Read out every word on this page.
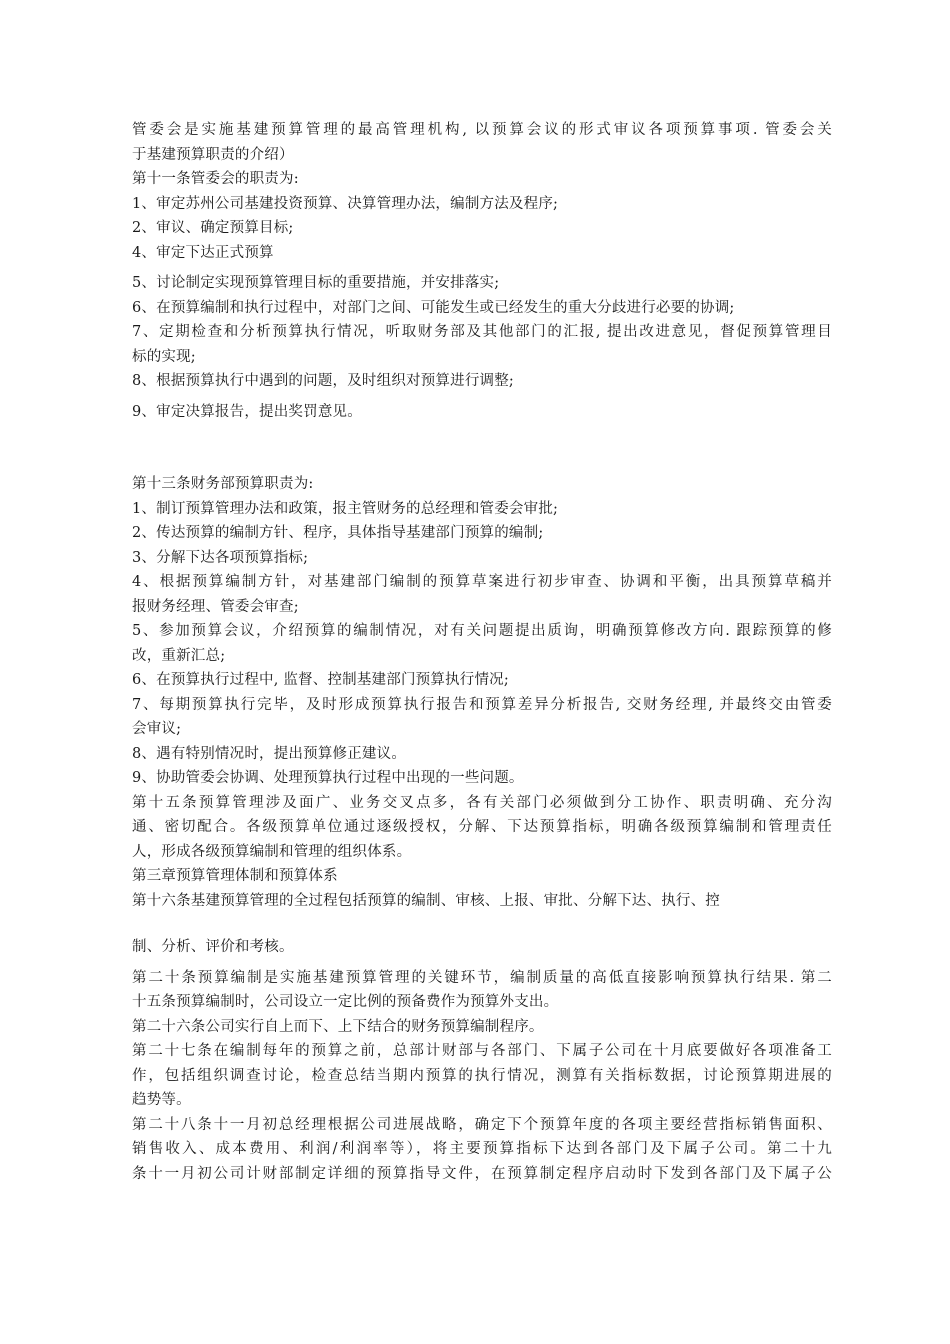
管委会是实施基建预算管理的最高管理机构, 以预算会议的形式审议各项预算事项. 管委会关
于基建预算职责的介绍）
第十一条管委会的职责为:
1、审定苏州公司基建投资预算、决算管理办法，编制方法及程序;
2、审议、确定预算目标;
4、审定下达正式预算
5、讨论制定实现预算管理目标的重要措施，并安排落实;
6、在预算编制和执行过程中，对部门之间、可能发生或已经发生的重大分歧进行必要的协调;
7、定期检查和分析预算执行情况，听取财务部及其他部门的汇报, 提出改进意见，督促预算管理目
标的实现;
8、根据预算执行中遇到的问题，及时组织对预算进行调整;
9、审定决算报告，提出奖罚意见。
第十三条财务部预算职责为:
1、制订预算管理办法和政策，报主管财务的总经理和管委会审批;
2、传达预算的编制方针、程序，具体指导基建部门预算的编制;
3、分解下达各项预算指标;
4、根据预算编制方针，对基建部门编制的预算草案进行初步审查、协调和平衡，出具预算草稿并
报财务经理、管委会审查;
5、参加预算会议，介绍预算的编制情况，对有关问题提出质询，明确预算修改方向. 跟踪预算的修
改，重新汇总;
6、在预算执行过程中, 监督、控制基建部门预算执行情况;
7、每期预算执行完毕，及时形成预算执行报告和预算差异分析报告, 交财务经理, 并最终交由管委
会审议;
8、遇有特别情况时，提出预算修正建议。
9、协助管委会协调、处理预算执行过程中出现的一些问题。
第十五条预算管理涉及面广、业务交叉点多，各有关部门必须做到分工协作、职责明确、充分沟
通、密切配合。各级预算单位通过逐级授权，分解、下达预算指标，明确各级预算编制和管理责任
人，形成各级预算编制和管理的组织体系。
第三章预算管理体制和预算体系
第十六条基建预算管理的全过程包括预算的编制、审核、上报、审批、分解下达、执行、控
制、分析、评价和考核。
第二十条预算编制是实施基建预算管理的关键环节，编制质量的高低直接影响预算执行结果. 第二
十五条预算编制时，公司设立一定比例的预备费作为预算外支出。
第二十六条公司实行自上而下、上下结合的财务预算编制程序。
第二十七条在编制每年的预算之前，总部计财部与各部门、下属子公司在十月底要做好各项准备工
作，包括组织调查讨论，检查总结当期内预算的执行情况，测算有关指标数据，讨论预算期进展的
趋势等。
第二十八条十一月初总经理根据公司进展战略，确定下个预算年度的各项主要经营指标销售面积、
销售收入、成本费用、利润/利润率等），将主要预算指标下达到各部门及下属子公司。第二十九
条十一月初公司计财部制定详细的预算指导文件，在预算制定程序启动时下发到各部门及下属子公
